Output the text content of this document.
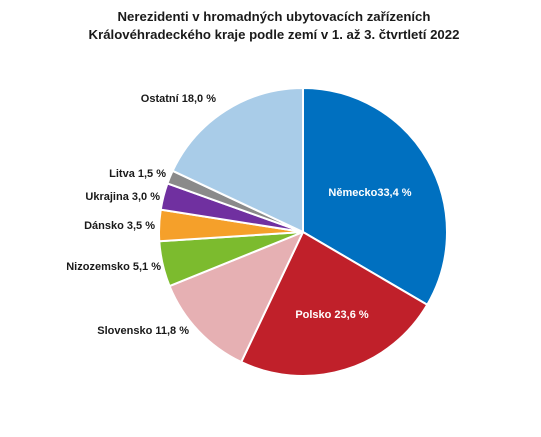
Nerezidenti v hromadných ubytovacích zařízeních
Královéhradeckého kraje podle zemí v 1. až 3. čtvrtletí 2022
Německo33,4 %
Polsko 23,6 %
Slovensko 11,8 %
Nizozemsko 5,1 %
Dánsko 3,5 %
Ukrajina 3,0 %
Litva 1,5 %
Ostatní 18,0 %
